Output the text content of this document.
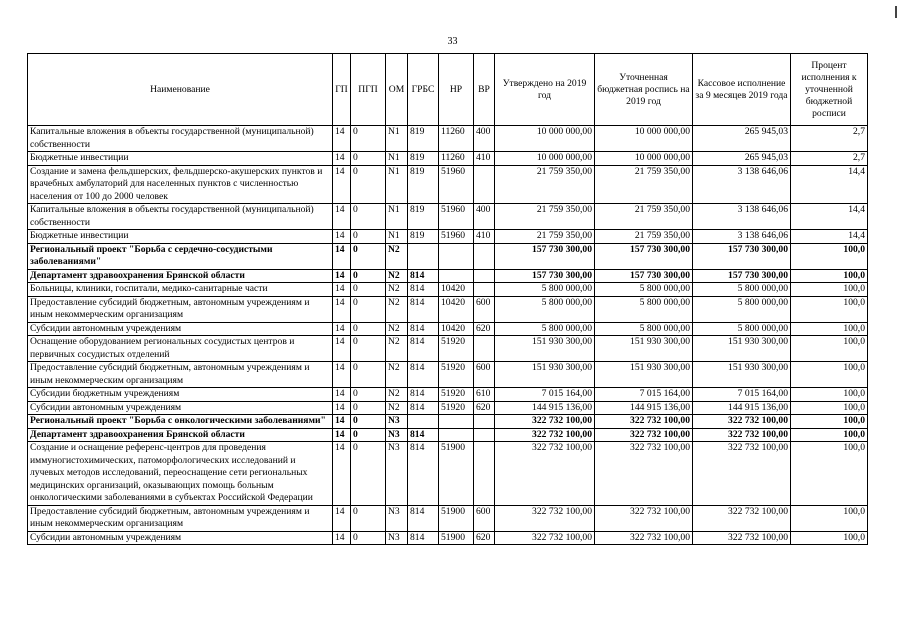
33
Наименование	ГП	ПГП	ОМ	ГРБС	НР	ВР	Утверждено на 2019 год	Уточненная бюджетная роспись на 2019 год	Кассовое исполнение за 9 месяцев 2019 года	Процент исполнения к уточненной бюджетной росписи
Капитальные вложения в объекты государственной (муниципальной) собственности	14	0	N1	819	11260	400	10 000 000,00	10 000 000,00	265 945,03	2,7
Бюджетные инвестиции	14	0	N1	819	11260	410	10 000 000,00	10 000 000,00	265 945,03	2,7
Создание и замена фельдшерских, фельдшерско-акушерских пунктов и врачебных амбулаторий для населенных пунктов с численностью населения от 100 до 2000 человек	14	0	N1	819	51960		21 759 350,00	21 759 350,00	3 138 646,06	14,4
Капитальные вложения в объекты государственной (муниципальной) собственности	14	0	N1	819	51960	400	21 759 350,00	21 759 350,00	3 138 646,06	14,4
Бюджетные инвестиции	14	0	N1	819	51960	410	21 759 350,00	21 759 350,00	3 138 646,06	14,4
Региональный проект "Борьба с сердечно-сосудистыми заболеваниями"	14	0	N2				157 730 300,00	157 730 300,00	157 730 300,00	100,0
Департамент здравоохранения Брянской области	14	0	N2	814			157 730 300,00	157 730 300,00	157 730 300,00	100,0
Больницы, клиники, госпитали, медико-санитарные части	14	0	N2	814	10420		5 800 000,00	5 800 000,00	5 800 000,00	100,0
Предоставление субсидий бюджетным, автономным учреждениям и иным некоммерческим организациям	14	0	N2	814	10420	600	5 800 000,00	5 800 000,00	5 800 000,00	100,0
Субсидии автономным учреждениям	14	0	N2	814	10420	620	5 800 000,00	5 800 000,00	5 800 000,00	100,0
Оснащение оборудованием региональных сосудистых центров и первичных сосудистых отделений	14	0	N2	814	51920		151 930 300,00	151 930 300,00	151 930 300,00	100,0
Предоставление субсидий бюджетным, автономным учреждениям и иным некоммерческим организациям	14	0	N2	814	51920	600	151 930 300,00	151 930 300,00	151 930 300,00	100,0
Субсидии бюджетным учреждениям	14	0	N2	814	51920	610	7 015 164,00	7 015 164,00	7 015 164,00	100,0
Субсидии автономным учреждениям	14	0	N2	814	51920	620	144 915 136,00	144 915 136,00	144 915 136,00	100,0
Региональный проект "Борьба с онкологическими заболеваниями"	14	0	N3				322 732 100,00	322 732 100,00	322 732 100,00	100,0
Департамент здравоохранения Брянской области	14	0	N3	814			322 732 100,00	322 732 100,00	322 732 100,00	100,0
Создание и оснащение референс-центров для проведения иммуногистохимических, патоморфологических исследований и лучевых методов исследований, переоснащение сети региональных медицинских организаций, оказывающих помощь больным онкологическими заболеваниями в субъектах Российской Федерации	14	0	N3	814	51900		322 732 100,00	322 732 100,00	322 732 100,00	100,0
Предоставление субсидий бюджетным, автономным учреждениям и иным некоммерческим организациям	14	0	N3	814	51900	600	322 732 100,00	322 732 100,00	322 732 100,00	100,0
Субсидии автономным учреждениям	14	0	N3	814	51900	620	322 732 100,00	322 732 100,00	322 732 100,00	100,0
